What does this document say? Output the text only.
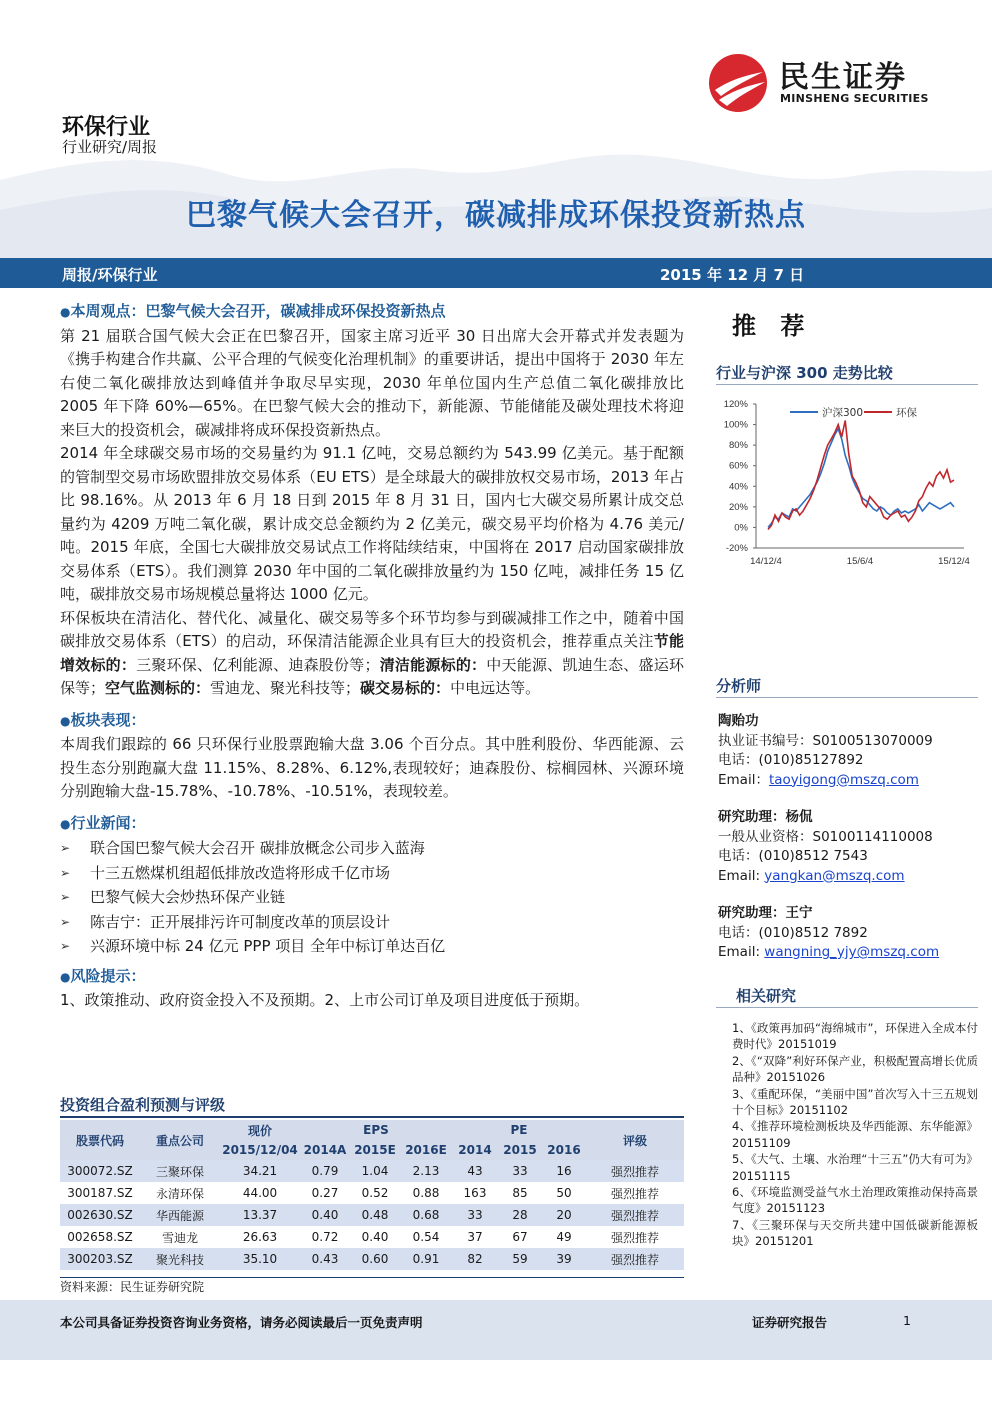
民生证券
MINSHENG SECURITIES
环保行业
行业研究/周报
巴黎气候大会召开，碳减排成环保投资新热点
周报/环保行业	2015 年 12 月 7 日

●本周观点：巴黎气候大会召开，碳减排成环保投资新热点

第 21 届联合国气候大会正在巴黎召开，国家主席习近平 30 日出席大会开幕式并发表题为《携手构建合作共赢、公平合理的气候变化治理机制》的重要讲话，提出中国将于 2030 年左右使二氧化碳排放达到峰值并争取尽早实现，2030 年单位国内生产总值二氧化碳排放比 2005 年下降 60%—65%。在巴黎气候大会的推动下，新能源、节能储能及碳处理技术将迎来巨大的投资机会，碳减排将成环保投资新热点。

2014 年全球碳交易市场的交易量约为 91.1 亿吨，交易总额约为 543.99 亿美元。基于配额的管制型交易市场欧盟排放交易体系（EU ETS）是全球最大的碳排放权交易市场，2013 年占比 98.16%。从 2013 年 6 月 18 日到 2015 年 8 月 31 日，国内七大碳交易所累计成交总量约为 4209 万吨二氧化碳，累计成交总金额约为 2 亿美元，碳交易平均价格为 4.76 美元/吨。2015 年底，全国七大碳排放交易试点工作将陆续结束，中国将在 2017 启动国家碳排放交易体系（ETS）。我们测算 2030 年中国的二氧化碳排放量约为 150 亿吨，减排任务 15 亿吨，碳排放交易市场规模总量将达 1000 亿元。

环保板块在清洁化、替代化、减量化、碳交易等多个环节均参与到碳减排工作之中，随着中国碳排放交易体系（ETS）的启动，环保清洁能源企业具有巨大的投资机会，推荐重点关注节能增效标的：三聚环保、亿利能源、迪森股份等；清洁能源标的：中天能源、凯迪生态、盛运环保等；空气监测标的：雪迪龙、聚光科技等；碳交易标的：中电远达等。

●板块表现：

本周我们跟踪的 66 只环保行业股票跑输大盘 3.06 个百分点。其中胜利股份、华西能源、云投生态分别跑赢大盘 11.15%、8.28%、6.12%,表现较好；迪森股份、棕榈园林、兴源环境分别跑输大盘-15.78%、-10.78%、-10.51%，表现较差。

●行业新闻：

➢ 联合国巴黎气候大会召开 碳排放概念公司步入蓝海
➢ 十三五燃煤机组超低排放改造将形成千亿市场
➢ 巴黎气候大会炒热环保产业链
➢ 陈吉宁：正开展排污许可制度改革的顶层设计
➢ 兴源环境中标 24 亿元 PPP 项目 全年中标订单达百亿

●风险提示：

1、政策推动、政府资金投入不及预期。2、上市公司订单及项目进度低于预期。

投资组合盈利预测与评级
股票代码	重点公司	现价	EPS			PE			评级
		2015/12/04	2014A	2015E	2016E	2014	2015	2016	
300072.SZ	三聚环保	34.21	0.79	1.04	2.13	43	33	16	强烈推荐
300187.SZ	永清环保	44.00	0.27	0.52	0.88	163	85	50	强烈推荐
002630.SZ	华西能源	13.37	0.40	0.48	0.68	33	28	20	强烈推荐
002658.SZ	雪迪龙	26.63	0.72	0.40	0.54	37	67	49	强烈推荐
300203.SZ	聚光科技	35.10	0.43	0.60	0.91	82	59	39	强烈推荐
资料来源：民生证券研究院
推 荐
行业与沪深 300 走势比较
-20%
0%
20%
40%
60%
80%
100%
120%
14/12/4	15/6/4	15/12/4
沪深300	环保
分析师
陶贻功
执业证书编号：S0100513070009
电话：(010)85127892
Email：taoyigong@mszq.com
研究助理：杨侃
一般从业资格：S0100114110008
电话：(010)8512 7543
Email: yangkan@mszq.com
研究助理：王宁
电话：(010)8512 7892
Email: wangning_yjy@mszq.com
相关研究
1、《政策再加码“海绵城市”，环保进入全成本付费时代》20151019
2、《“双降”利好环保产业，积极配置高增长优质品种》20151026
3、《重配环保，“美丽中国”首次写入十三五规划十个目标》20151102
4、《推荐环境检测板块及华西能源、东华能源》20151109
5、《大气、土壤、水治理“十三五”仍大有可为》20151115
6、《环境监测受益气水土治理政策推动保持高景气度》20151123
7、《三聚环保与天交所共建中国低碳新能源板块》20151201
本公司具备证券投资咨询业务资格，请务必阅读最后一页免责声明	证券研究报告	1
